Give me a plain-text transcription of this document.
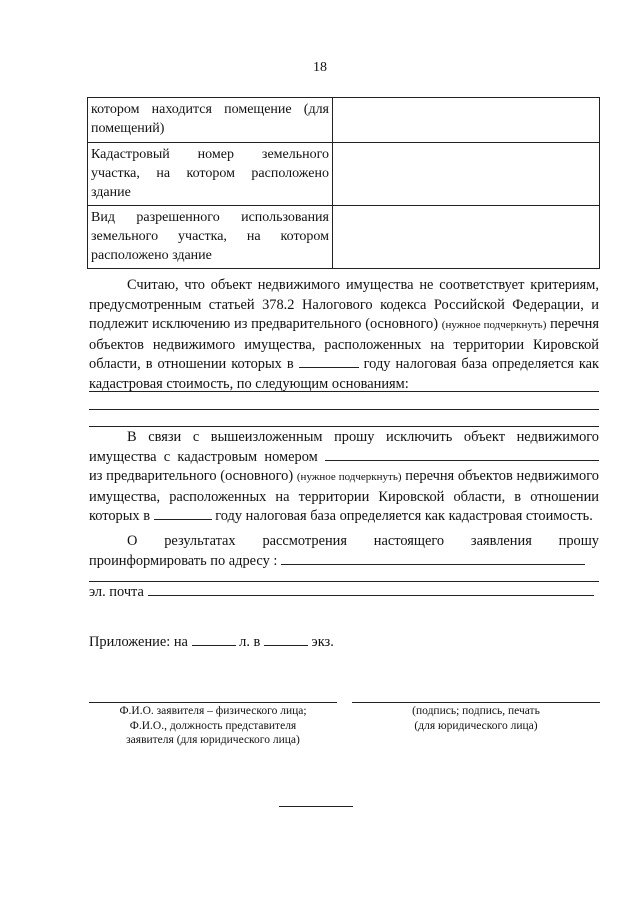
18
котором находится помещение (для помещений)	
Кадастровый номер земельного участка, на котором расположено здание	
Вид разрешенного использования земельного участка, на котором расположено здание	

Считаю, что объект недвижимого имущества не соответствует критериям, предусмотренным статьей 378.2 Налогового кодекса Российской Федерации, и подлежит исключению из предварительного (основного) (нужное подчеркнуть) перечня объектов недвижимого имущества, расположенных на территории Кировской области, в отношении которых в	году налоговая база определяется как кадастровая стоимость, по следующим основаниям:

В связи с вышеизложенным прошу исключить объект недвижимого имущества с кадастровым номером  из предварительного (основного) (нужное подчеркнуть) перечня объектов недвижимого имущества, расположенных на территории Кировской области, в отношении которых в	году налоговая база определяется как кадастровая стоимость.

О результатах рассмотрения настоящего заявления прошу проинформировать по адресу :

эл. почта
Приложение: на	л. в	экз.
Ф.И.О. заявителя – физического лица;
Ф.И.О., должность представителя
заявителя (для юридического лица)
(подпись; подпись, печать
(для юридического лица)
